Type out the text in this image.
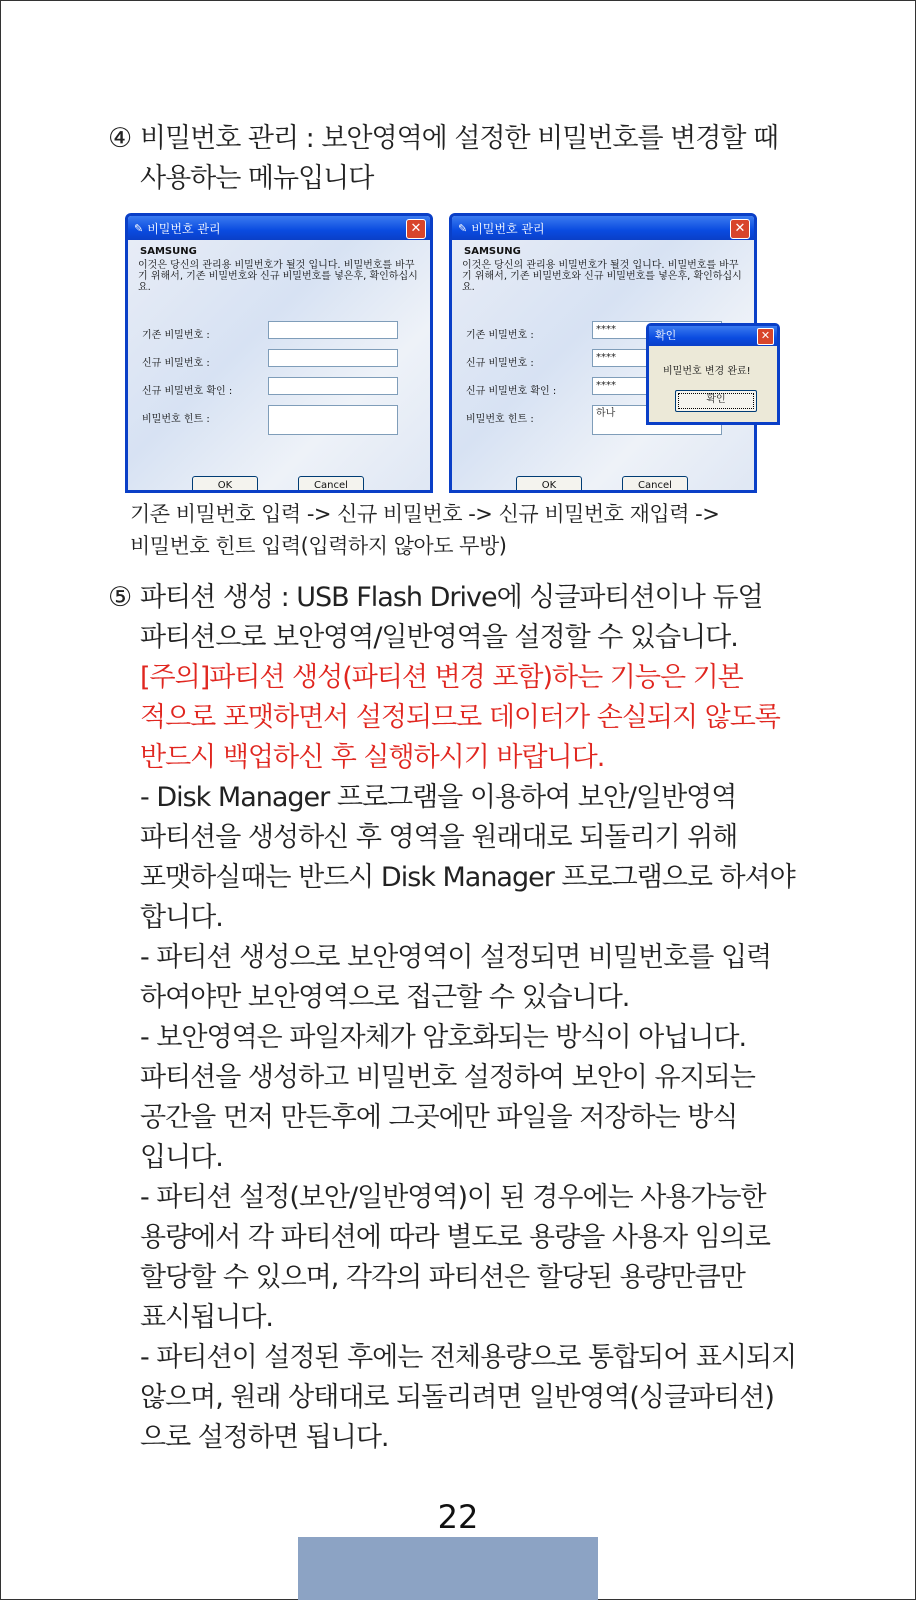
④ 비밀번호 관리 : 보안영역에 설정한 비밀번호를 변경할 때
사용하는 메뉴입니다
✎ 비밀번호 관리	✕
SAMSUNG
이것은 당신의 관리용 비밀번호가 될것 입니다. 비밀번호를 바꾸기 위해서, 기존 비밀번호와 신규 비밀번호를 넣은후, 확인하십시요.
기존 비밀번호 :
신규 비밀번호 :
신규 비밀번호 확인 :
비밀번호 힌트 :
OK	Cancel
✎ 비밀번호 관리	✕
SAMSUNG
이것은 당신의 관리용 비밀번호가 될것 입니다. 비밀번호를 바꾸기 위해서, 기존 비밀번호와 신규 비밀번호를 넣은후, 확인하십시요.
기존 비밀번호 :
****
신규 비밀번호 :
****
신규 비밀번호 확인 :
****
비밀번호 힌트 :
하나
OK	Cancel
확인	✕
비밀번호 변경 완료!
확인
기존 비밀번호 입력 -> 신규 비밀번호 -> 신규 비밀번호 재입력 ->
비밀번호 힌트 입력(입력하지 않아도 무방)
⑤ 파티션 생성 : USB Flash Drive에 싱글파티션이나 듀얼
파티션으로 보안영역/일반영역을 설정할 수 있습니다.
[주의]파티션 생성(파티션 변경 포함)하는 기능은 기본
적으로 포맷하면서 설정되므로 데이터가 손실되지 않도록
반드시 백업하신 후 실행하시기 바랍니다.
- Disk Manager 프로그램을 이용하여 보안/일반영역
파티션을 생성하신 후 영역을 원래대로 되돌리기 위해
포맷하실때는 반드시 Disk Manager 프로그램으로 하셔야
합니다.
- 파티션 생성으로 보안영역이 설정되면 비밀번호를 입력
하여야만 보안영역으로 접근할 수 있습니다.
- 보안영역은 파일자체가 암호화되는 방식이 아닙니다.
파티션을 생성하고 비밀번호 설정하여 보안이 유지되는
공간을 먼저 만든후에 그곳에만 파일을 저장하는 방식
입니다.
- 파티션 설정(보안/일반영역)이 된 경우에는 사용가능한
용량에서 각 파티션에 따라 별도로 용량을 사용자 임의로
할당할 수 있으며, 각각의 파티션은 할당된 용량만큼만
표시됩니다.
- 파티션이 설정된 후에는 전체용량으로 통합되어 표시되지
않으며, 원래 상태대로 되돌리려면 일반영역(싱글파티션)
으로 설정하면 됩니다.
22
